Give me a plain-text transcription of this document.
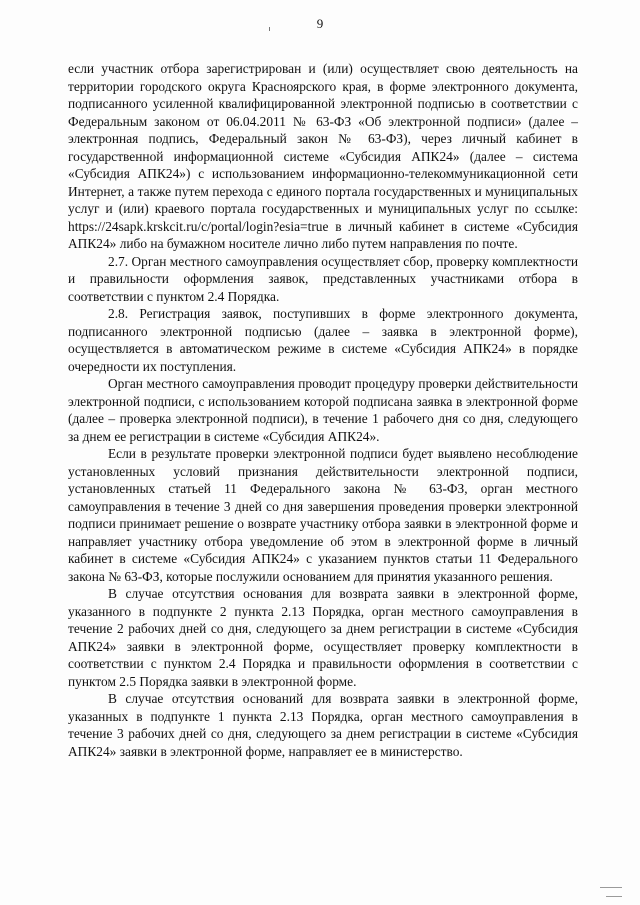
9

если участник отбора зарегистрирован и (или) осуществляет свою деятельность на территории городского округа Красноярского края, в форме электронного документа, подписанного усиленной квалифицированной электронной подписью в соответствии с Федеральным законом от 06.04.2011 № 63-ФЗ «Об электронной подписи» (далее – электронная подпись, Федеральный закон № 63-ФЗ), через личный кабинет в государственной информационной системе «Субсидия АПК24» (далее – система «Субсидия АПК24») с использованием информационно-телекоммуникационной сети Интернет, а также путем перехода с единого портала государственных и муниципальных услуг и (или) краевого портала государственных и муниципальных услуг по ссылке: https://24sapk.krskcit.ru/c/portal/login?esia=true в личный кабинет в системе «Субсидия АПК24» либо на бумажном носителе лично либо путем направления по почте.

2.7. Орган местного самоуправления осуществляет сбор, проверку комплектности и правильности оформления заявок, представленных участниками отбора в соответствии с пунктом 2.4 Порядка.

2.8. Регистрация заявок, поступивших в форме электронного документа, подписанного электронной подписью (далее – заявка в электронной форме), осуществляется в автоматическом режиме в системе «Субсидия АПК24» в порядке очередности их поступления.

Орган местного самоуправления проводит процедуру проверки действительности электронной подписи, с использованием которой подписана заявка в электронной форме (далее – проверка электронной подписи), в течение 1 рабочего дня со дня, следующего за днем ее регистрации в системе «Субсидия АПК24».

Если в результате проверки электронной подписи будет выявлено несоблюдение установленных условий признания действительности электронной подписи, установленных статьей 11 Федерального закона № 63-ФЗ, орган местного самоуправления в течение 3 дней со дня завершения проведения проверки электронной подписи принимает решение о возврате участнику отбора заявки в электронной форме и направляет участнику отбора уведомление об этом в электронной форме в личный кабинет в системе «Субсидия АПК24» с указанием пунктов статьи 11 Федерального закона № 63-ФЗ, которые послужили основанием для принятия указанного решения.

В случае отсутствия основания для возврата заявки в электронной форме, указанного в подпункте 2 пункта 2.13 Порядка, орган местного самоуправления в течение 2 рабочих дней со дня, следующего за днем регистрации в системе «Субсидия АПК24» заявки в электронной форме, осуществляет проверку комплектности в соответствии с пунктом 2.4 Порядка и правильности оформления в соответствии с пунктом 2.5 Порядка заявки в электронной форме.

В случае отсутствия оснований для возврата заявки в электронной форме, указанных в подпункте 1 пункта 2.13 Порядка, орган местного самоуправления в течение 3 рабочих дней со дня, следующего за днем регистрации в системе «Субсидия АПК24» заявки в электронной форме, направляет ее в министерство.
